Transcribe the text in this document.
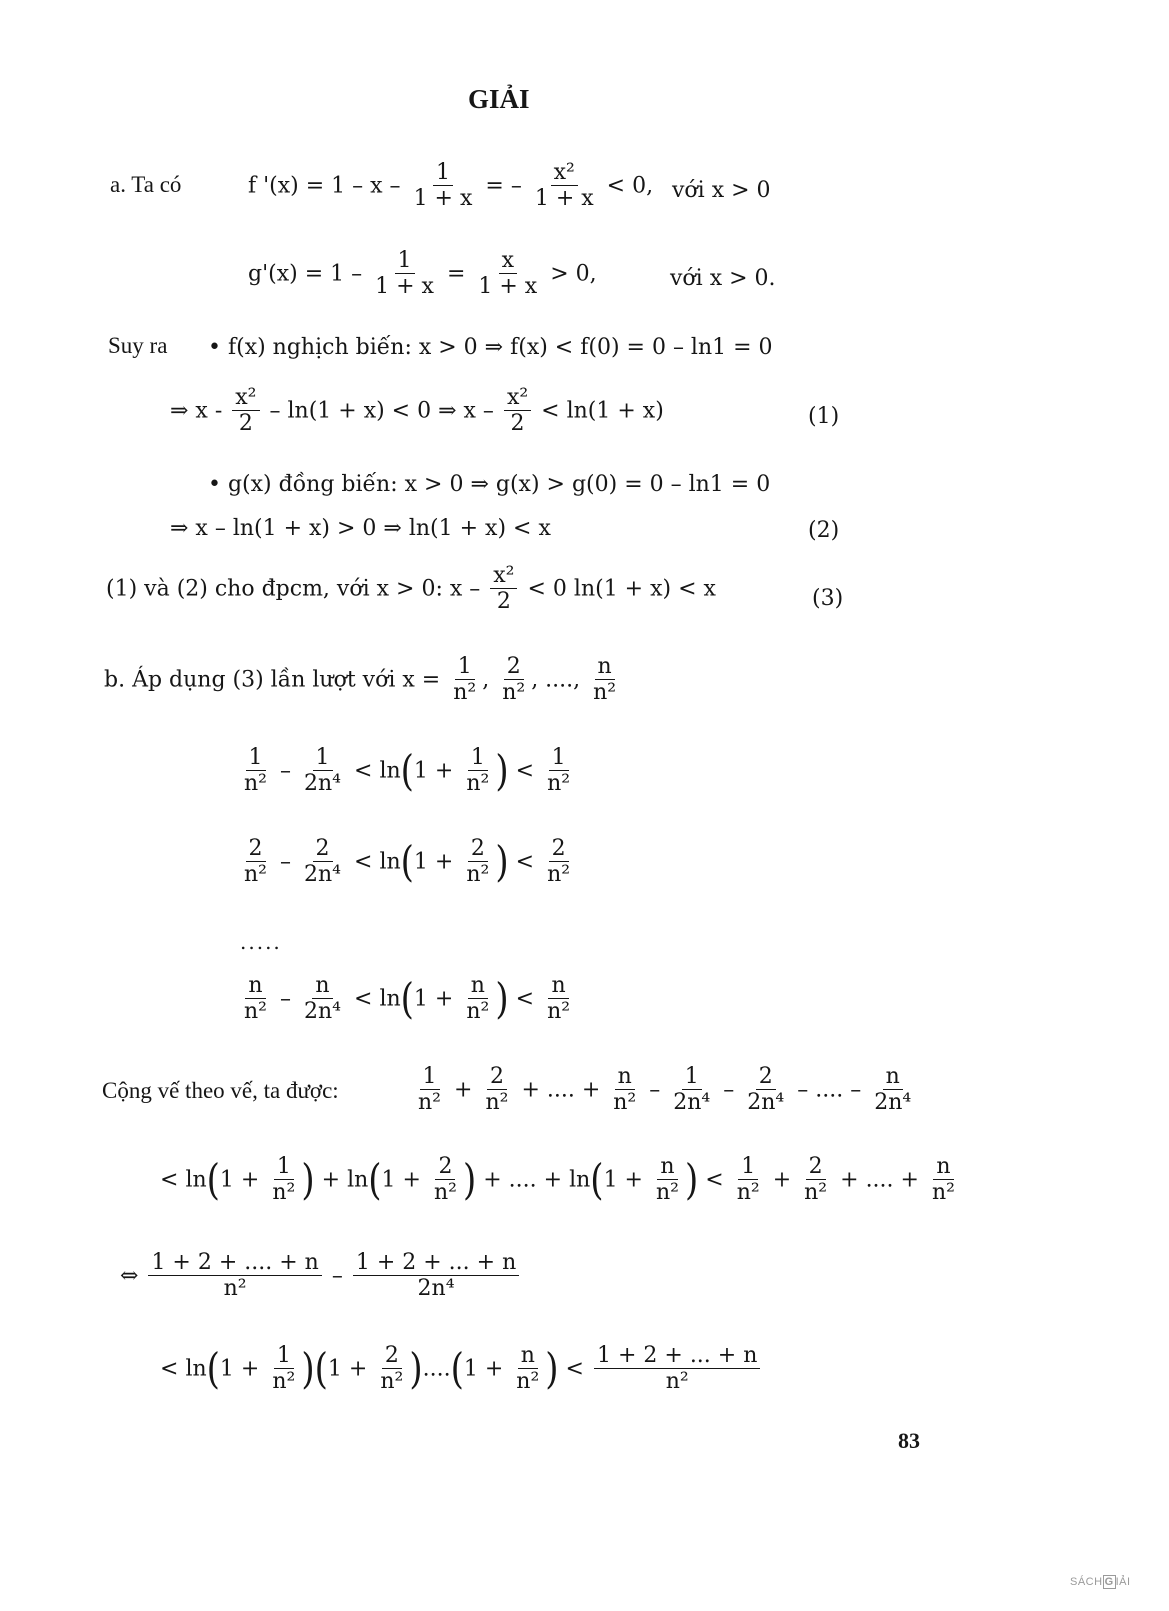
GIẢI
a. Ta có	f '$(x) = 1 - x - \frac{1}{1 + x}$ = – $\frac{\text{x²}}{1 + x} < 0$, với x > 0
$g'(x) = 1 - \frac{1}{1 + x} = \frac{x}{1 + x} > 0$,	với x > 0.
Suy ra • f(x) nghịch biến: x > 0 ⇒ f(x) < f(0) = 0 – ln1 = 0
⇒ $x - \frac{\text{x²}}{2} - \ln(1 + x) < 0$ ⇒ $x - \frac{\text{x²}}{2} < \ln(1 + x)$	(1)
• g(x) đồng biến: x > 0 ⇒ g(x) > g(0) = 0 – ln1 = 0
⇒ x – ln(1 + x) > 0 ⇒ ln(1 + x) < x	(2)
(1) và (2) cho đpcm, với x > 0: $x - \frac{\text{x²}}{2} < 0$ ln(1 + x) < x	(3)
b. Áp dụng (3) lần lượt với $x = \frac{1}{\text{n²}}$ , $\frac{2}{\text{n²}}$ , ...., $\frac{n}{\text{n²}}$
$\frac{1}{\text{n²}} - \frac{1}{\text{2n⁴}} < \ln(1 + \frac{1}{\text{n²}}$ ) < $\frac{1}{\text{n²}}$
$\frac{2}{\text{n²}} - \frac{2}{\text{2n⁴}} < \ln(1 + \frac{2}{\text{n²}}$ ) < $\frac{2}{\text{n²}}$
.....
$\frac{n}{\text{n²}} - \frac{n}{\text{2n⁴}} < \ln(1 + \frac{n}{\text{n²}}$ ) < $\frac{n}{\text{n²}}$
Cộng vế theo vế, ta được:	$\frac{1}{\text{n²}} + \frac{2}{\text{n²}}$ + .... + $\frac{n}{\text{n²}} - \frac{1}{\text{2n⁴}} - \frac{2}{\text{2n⁴}}$ – .... – $\frac{n}{\text{2n⁴}}$
< $\ln(1 + \frac{1}{\text{n²}}$ ) + $\ln(1 + \frac{2}{\text{n²}}$ ) + .... + $\ln(1 + \frac{n}{\text{n²}}$ ) < $\frac{1}{\text{n²}} + \frac{2}{\text{n²}}$ + .... + $\frac{n}{\text{n²}}$
⇔ $\frac{1 + 2 + .... + n}{\text{n²}} - \frac{1 + 2 + ... + n}{\text{2n⁴}}$
< $\ln(1 + \frac{1}{\text{n²}} )(1 + \frac{2}{\text{n²}} )....(1 + \frac{n}{\text{n²}}$ ) < $\frac{1 + 2 + ... + n}{\text{n²}}$
83
SÁCH G IẢI
